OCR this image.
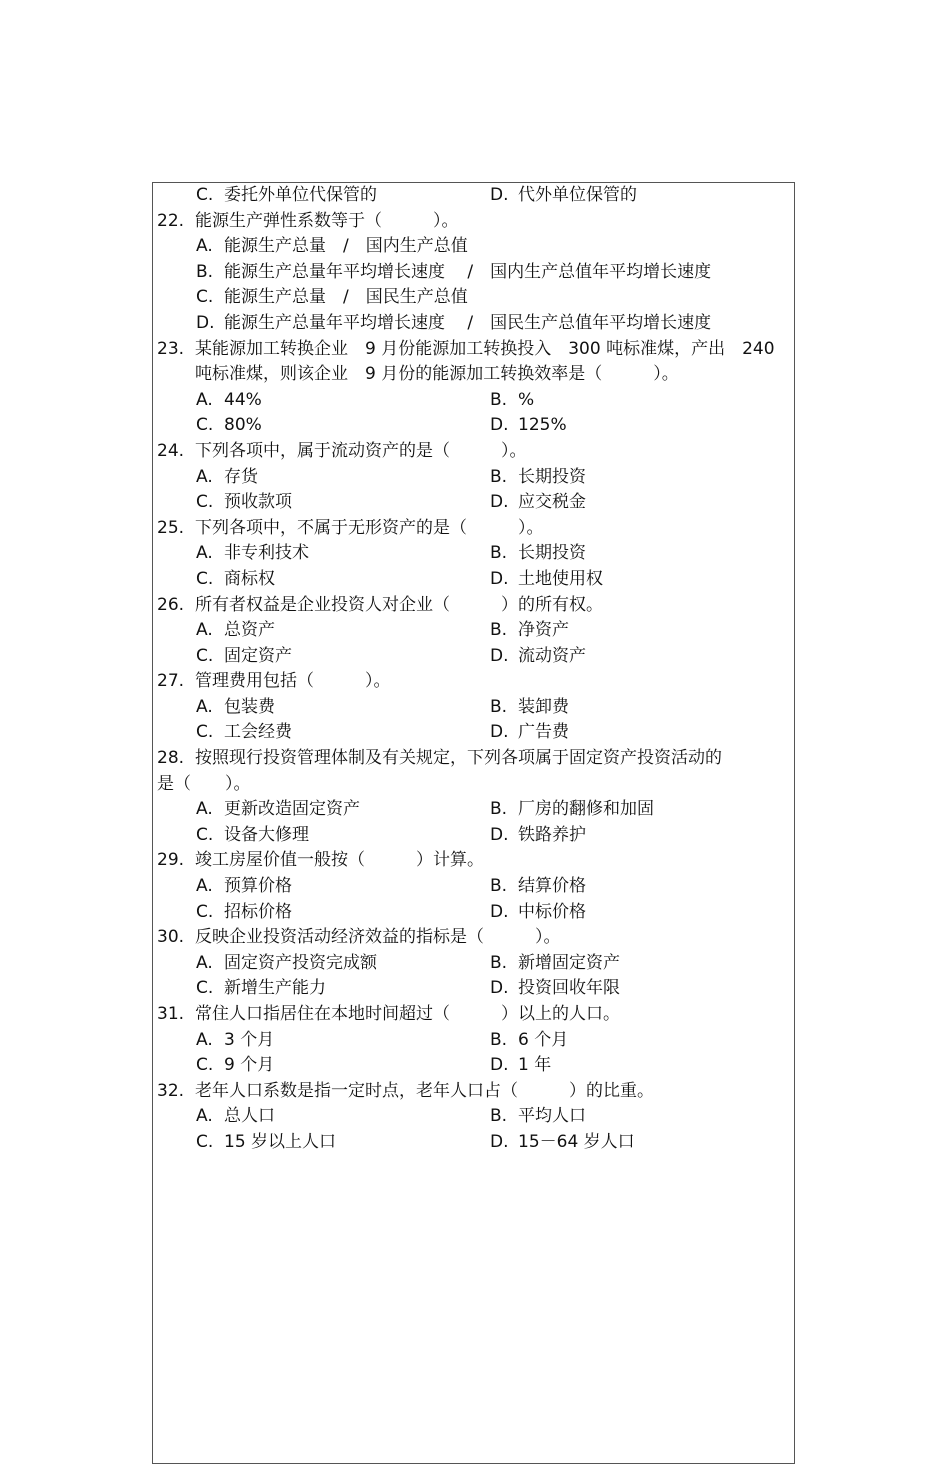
C. 委托外单位代保管的	D. 代外单位保管的
22. 能源生产弹性系数等于（　　　）。
A. 能源生产总量　/　国内生产总值
B. 能源生产总量年平均增长速度　 /　国内生产总值年平均增长速度
C. 能源生产总量　/　国民生产总值
D. 能源生产总量年平均增长速度　 /　国民生产总值年平均增长速度
23. 某能源加工转换企业　9 月份能源加工转换投入　300 吨标准煤，产出　240
吨标准煤，则该企业　9 月份的能源加工转换效率是（　　　）。
A. 44%	B. %
C. 80%	D. 125%
24. 下列各项中，属于流动资产的是（　　　）。
A. 存货	B. 长期投资
C. 预收款项	D. 应交税金
25. 下列各项中，不属于无形资产的是（　　　）。
A. 非专利技术	B. 长期投资
C. 商标权	D. 土地使用权
26. 所有者权益是企业投资人对企业（　　　）的所有权。
A. 总资产	B. 净资产
C. 固定资产	D. 流动资产
27. 管理费用包括（　　　）。
A. 包装费	B. 装卸费
C. 工会经费	D. 广告费
28. 按照现行投资管理体制及有关规定，下列各项属于固定资产投资活动的
是（　　）。
A. 更新改造固定资产	B. 厂房的翻修和加固
C. 设备大修理	D. 铁路养护
29. 竣工房屋价值一般按（　　　）计算。
A. 预算价格	B. 结算价格
C. 招标价格	D. 中标价格
30. 反映企业投资活动经济效益的指标是（　　　）。
A. 固定资产投资完成额	B. 新增固定资产
C. 新增生产能力	D. 投资回收年限
31. 常住人口指居住在本地时间超过（　　　）以上的人口。
A. 3 个月	B. 6 个月
C. 9 个月	D. 1 年
32. 老年人口系数是指一定时点，老年人口占（　　　）的比重。
A. 总人口	B. 平均人口
C. 15 岁以上人口	D. 15－64 岁人口
